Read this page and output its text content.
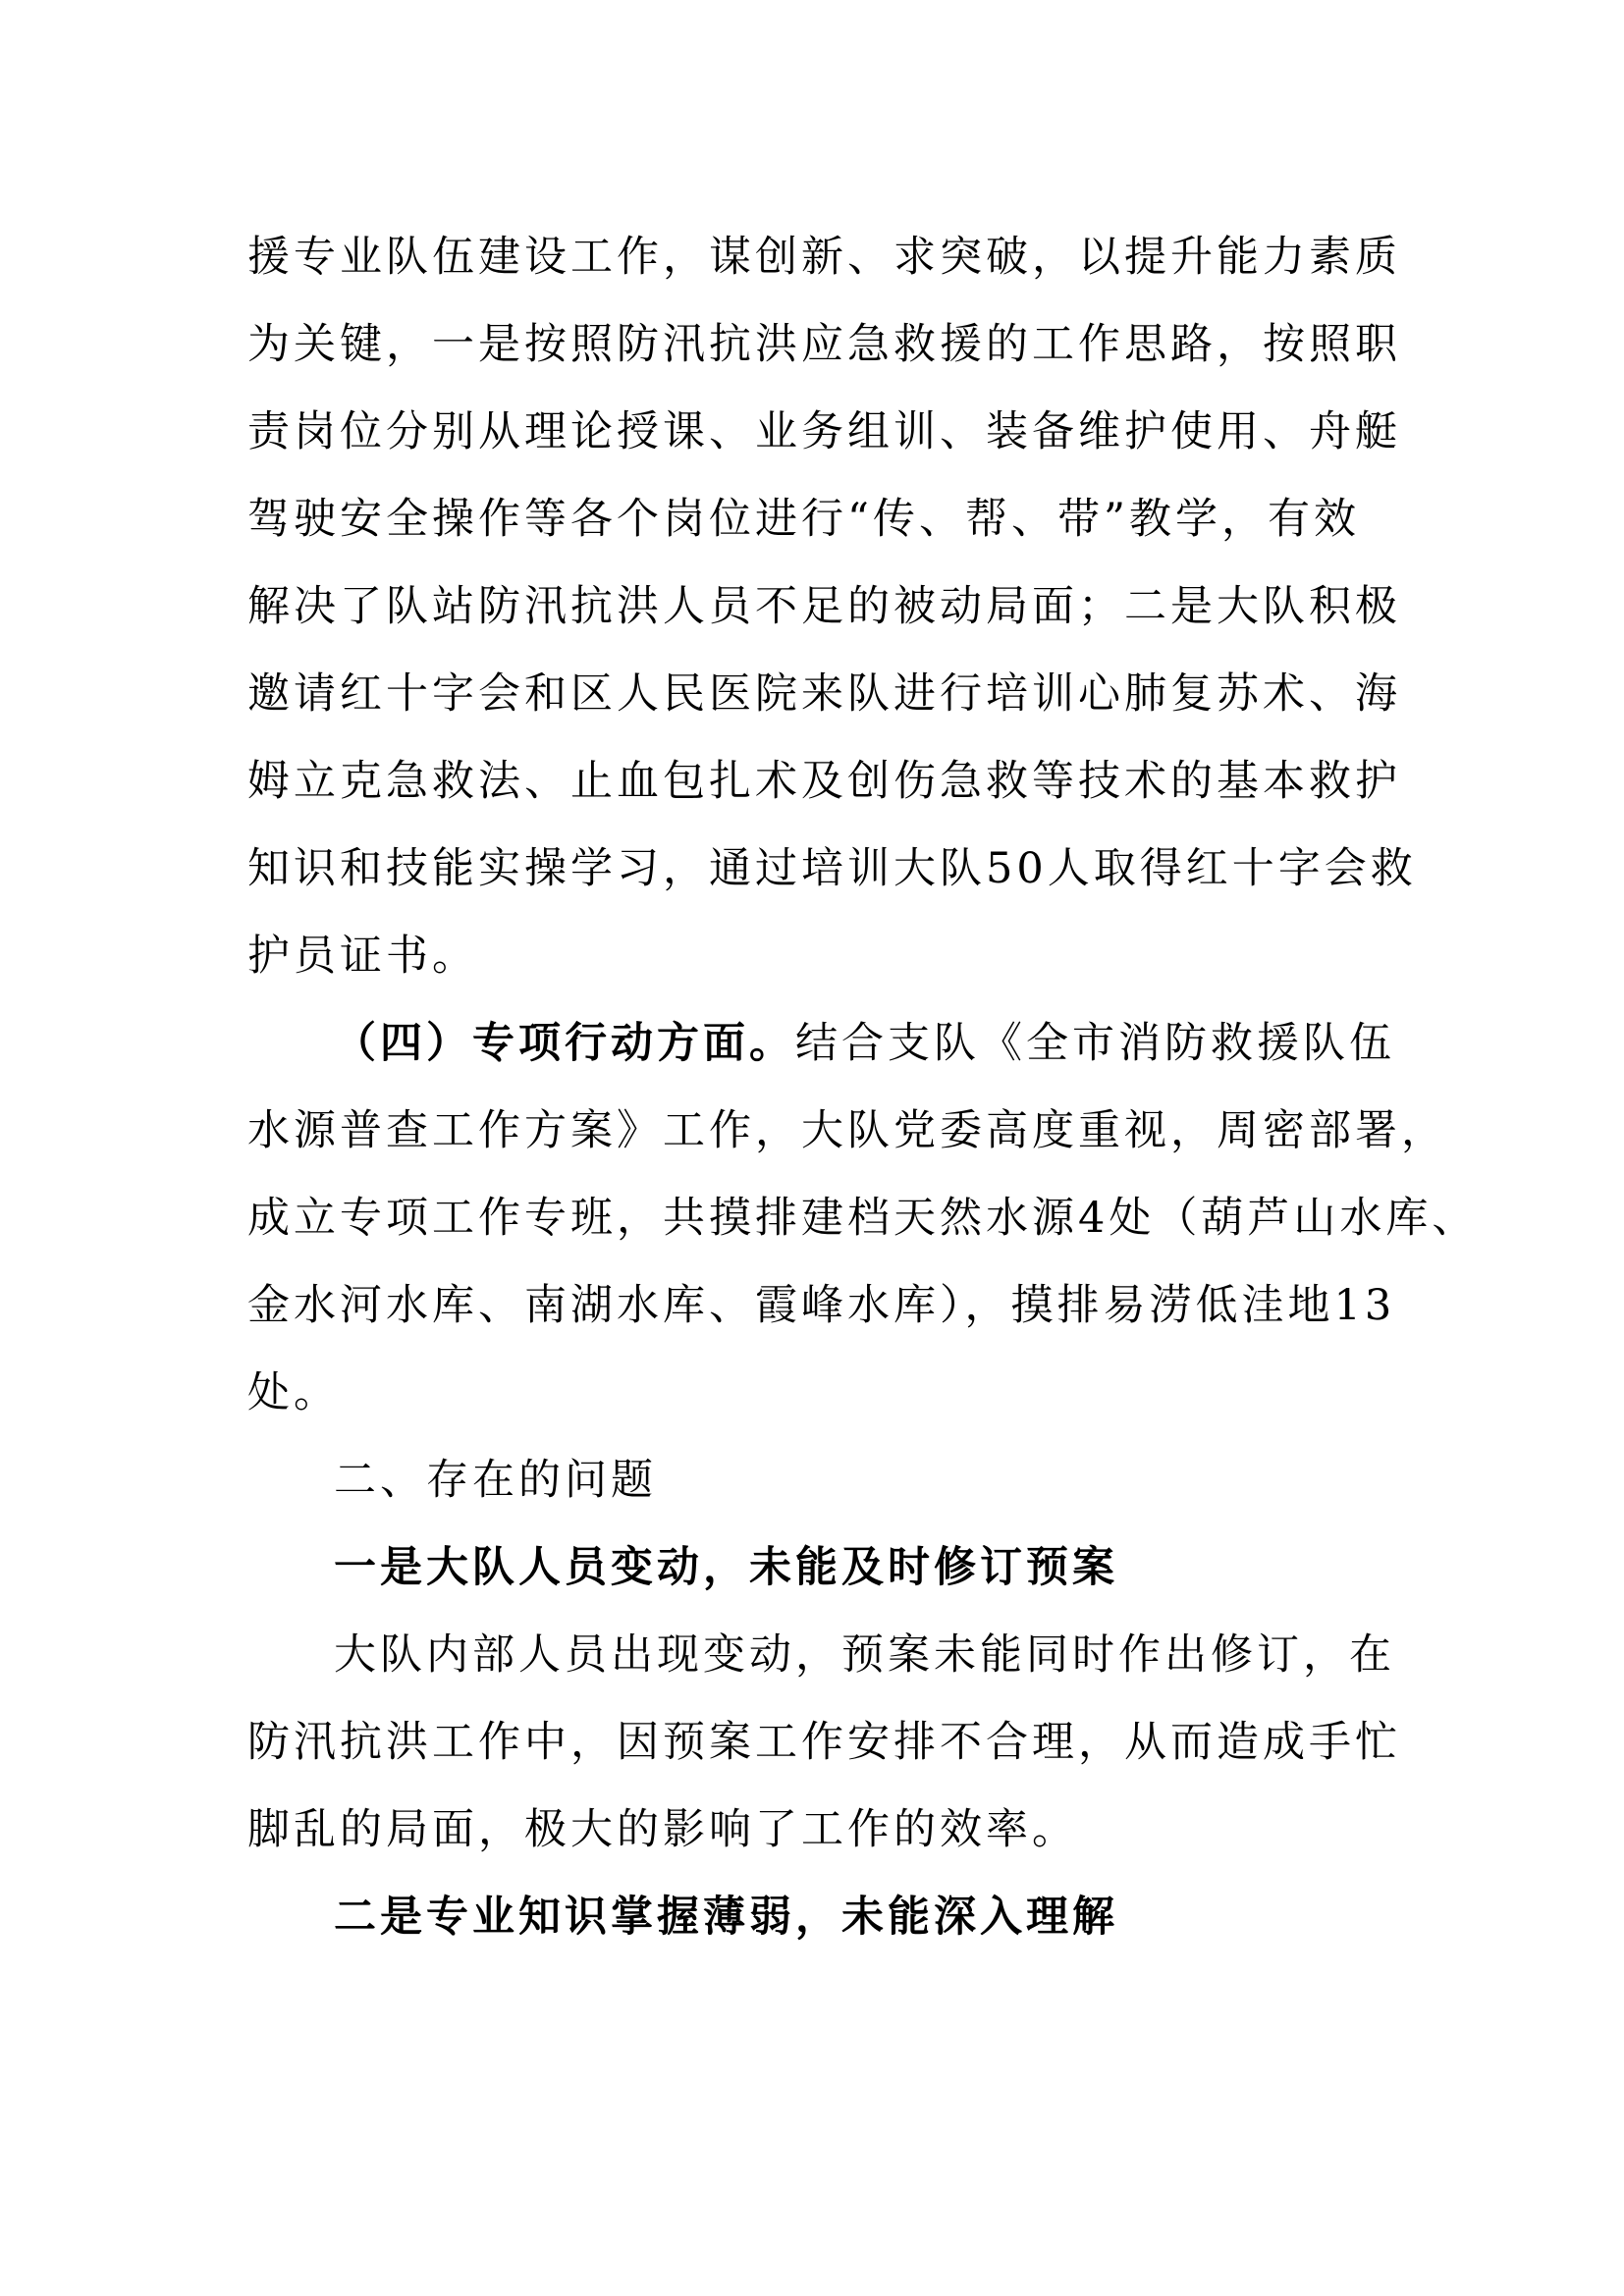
援专业队伍建设工作，谋创新、求突破，以提升能力素质
为关键，一是按照防汛抗洪应急救援的工作思路，按照职
责岗位分别从理论授课、业务组训、装备维护使用、舟艇
驾驶安全操作等各个岗位进行“传、帮、带”教学，有效
解决了队站防汛抗洪人员不足的被动局面；二是大队积极
邀请红十字会和区人民医院来队进行培训心肺复苏术、海
姆立克急救法、止血包扎术及创伤急救等技术的基本救护
知识和技能实操学习，通过培训大队50人取得红十字会救
护员证书。
（四）专项行动方面。结合支队《全市消防救援队伍
水源普查工作方案》工作，大队党委高度重视，周密部署，
成立专项工作专班，共摸排建档天然水源4处（葫芦山水库、
金水河水库、南湖水库、霞峰水库），摸排易涝低洼地13
处。
二、存在的问题
一是大队人员变动，未能及时修订预案
大队内部人员出现变动，预案未能同时作出修订，在
防汛抗洪工作中，因预案工作安排不合理，从而造成手忙
脚乱的局面，极大的影响了工作的效率。
二是专业知识掌握薄弱，未能深入理解
